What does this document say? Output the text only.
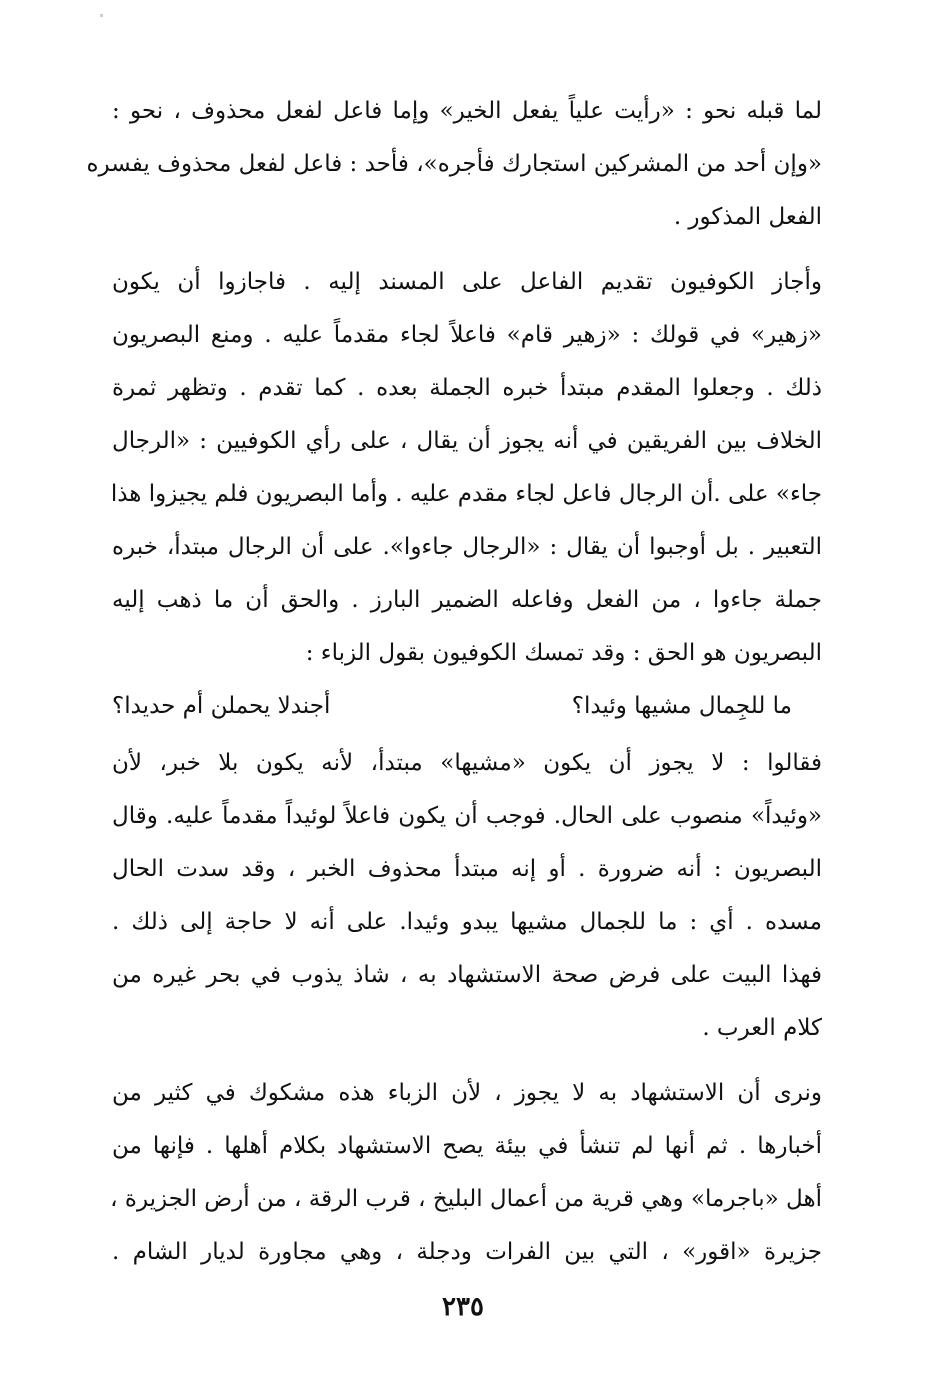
لما قبله نحو : «رأيت علياً يفعل الخير» وإما فاعل لفعل محذوف ، نحو :
«وإن أحد من المشركين استجارك فأجره»، فأحد : فاعل لفعل محذوف يفسره
الفعل المذكور .
وأجاز الكوفيون تقديم الفاعل على المسند إليه . فاجازوا أن يكون
«زهير» في قولك : «زهير قام» فاعلاً لجاء مقدماً عليه . ومنع البصريون
ذلك . وجعلوا المقدم مبتدأ خبره الجملة بعده . كما تقدم . وتظهر ثمرة
الخلاف بين الفريقين في أنه يجوز أن يقال ، على رأي الكوفيين : «الرجال
جاء» على .أن الرجال فاعل لجاء مقدم عليه . وأما البصريون فلم يجيزوا هذا
التعبير . بل أوجبوا أن يقال : «الرجال جاءوا». على أن الرجال مبتدأ، خبره
جملة جاءوا ، من الفعل وفاعله الضمير البارز . والحق أن ما ذهب إليه
البصريون هو الحق : وقد تمسك الكوفيون بقول الزباء :
ما للجِمال مشيها وئيدا؟
أجندلا يحملن أم حديدا؟
فقالوا : لا يجوز أن يكون «مشيها» مبتدأ، لأنه يكون بلا خبر، لأن
«وئيداً» منصوب على الحال. فوجب أن يكون فاعلاً لوئيداً مقدماً عليه. وقال
البصريون : أنه ضرورة . أو إنه مبتدأ محذوف الخبر ، وقد سدت الحال
مسده . أي : ما للجمال مشيها يبدو وئيدا. على أنه لا حاجة إلى ذلك .
فهذا البيت على فرض صحة الاستشهاد به ، شاذ يذوب في بحر غيره من
كلام العرب .
ونرى أن الاستشهاد به لا يجوز ، لأن الزباء هذه مشكوك في كثير من
أخبارها . ثم أنها لم تنشأ في بيئة يصح الاستشهاد بكلام أهلها . فإنها من
أهل «باجرما» وهي قرية من أعمال البليخ ، قرب الرقة ، من أرض الجزيرة ،
جزيرة «اقور» ، التي بين الفرات ودجلة ، وهي مجاورة لديار الشام .
٢٣٥
